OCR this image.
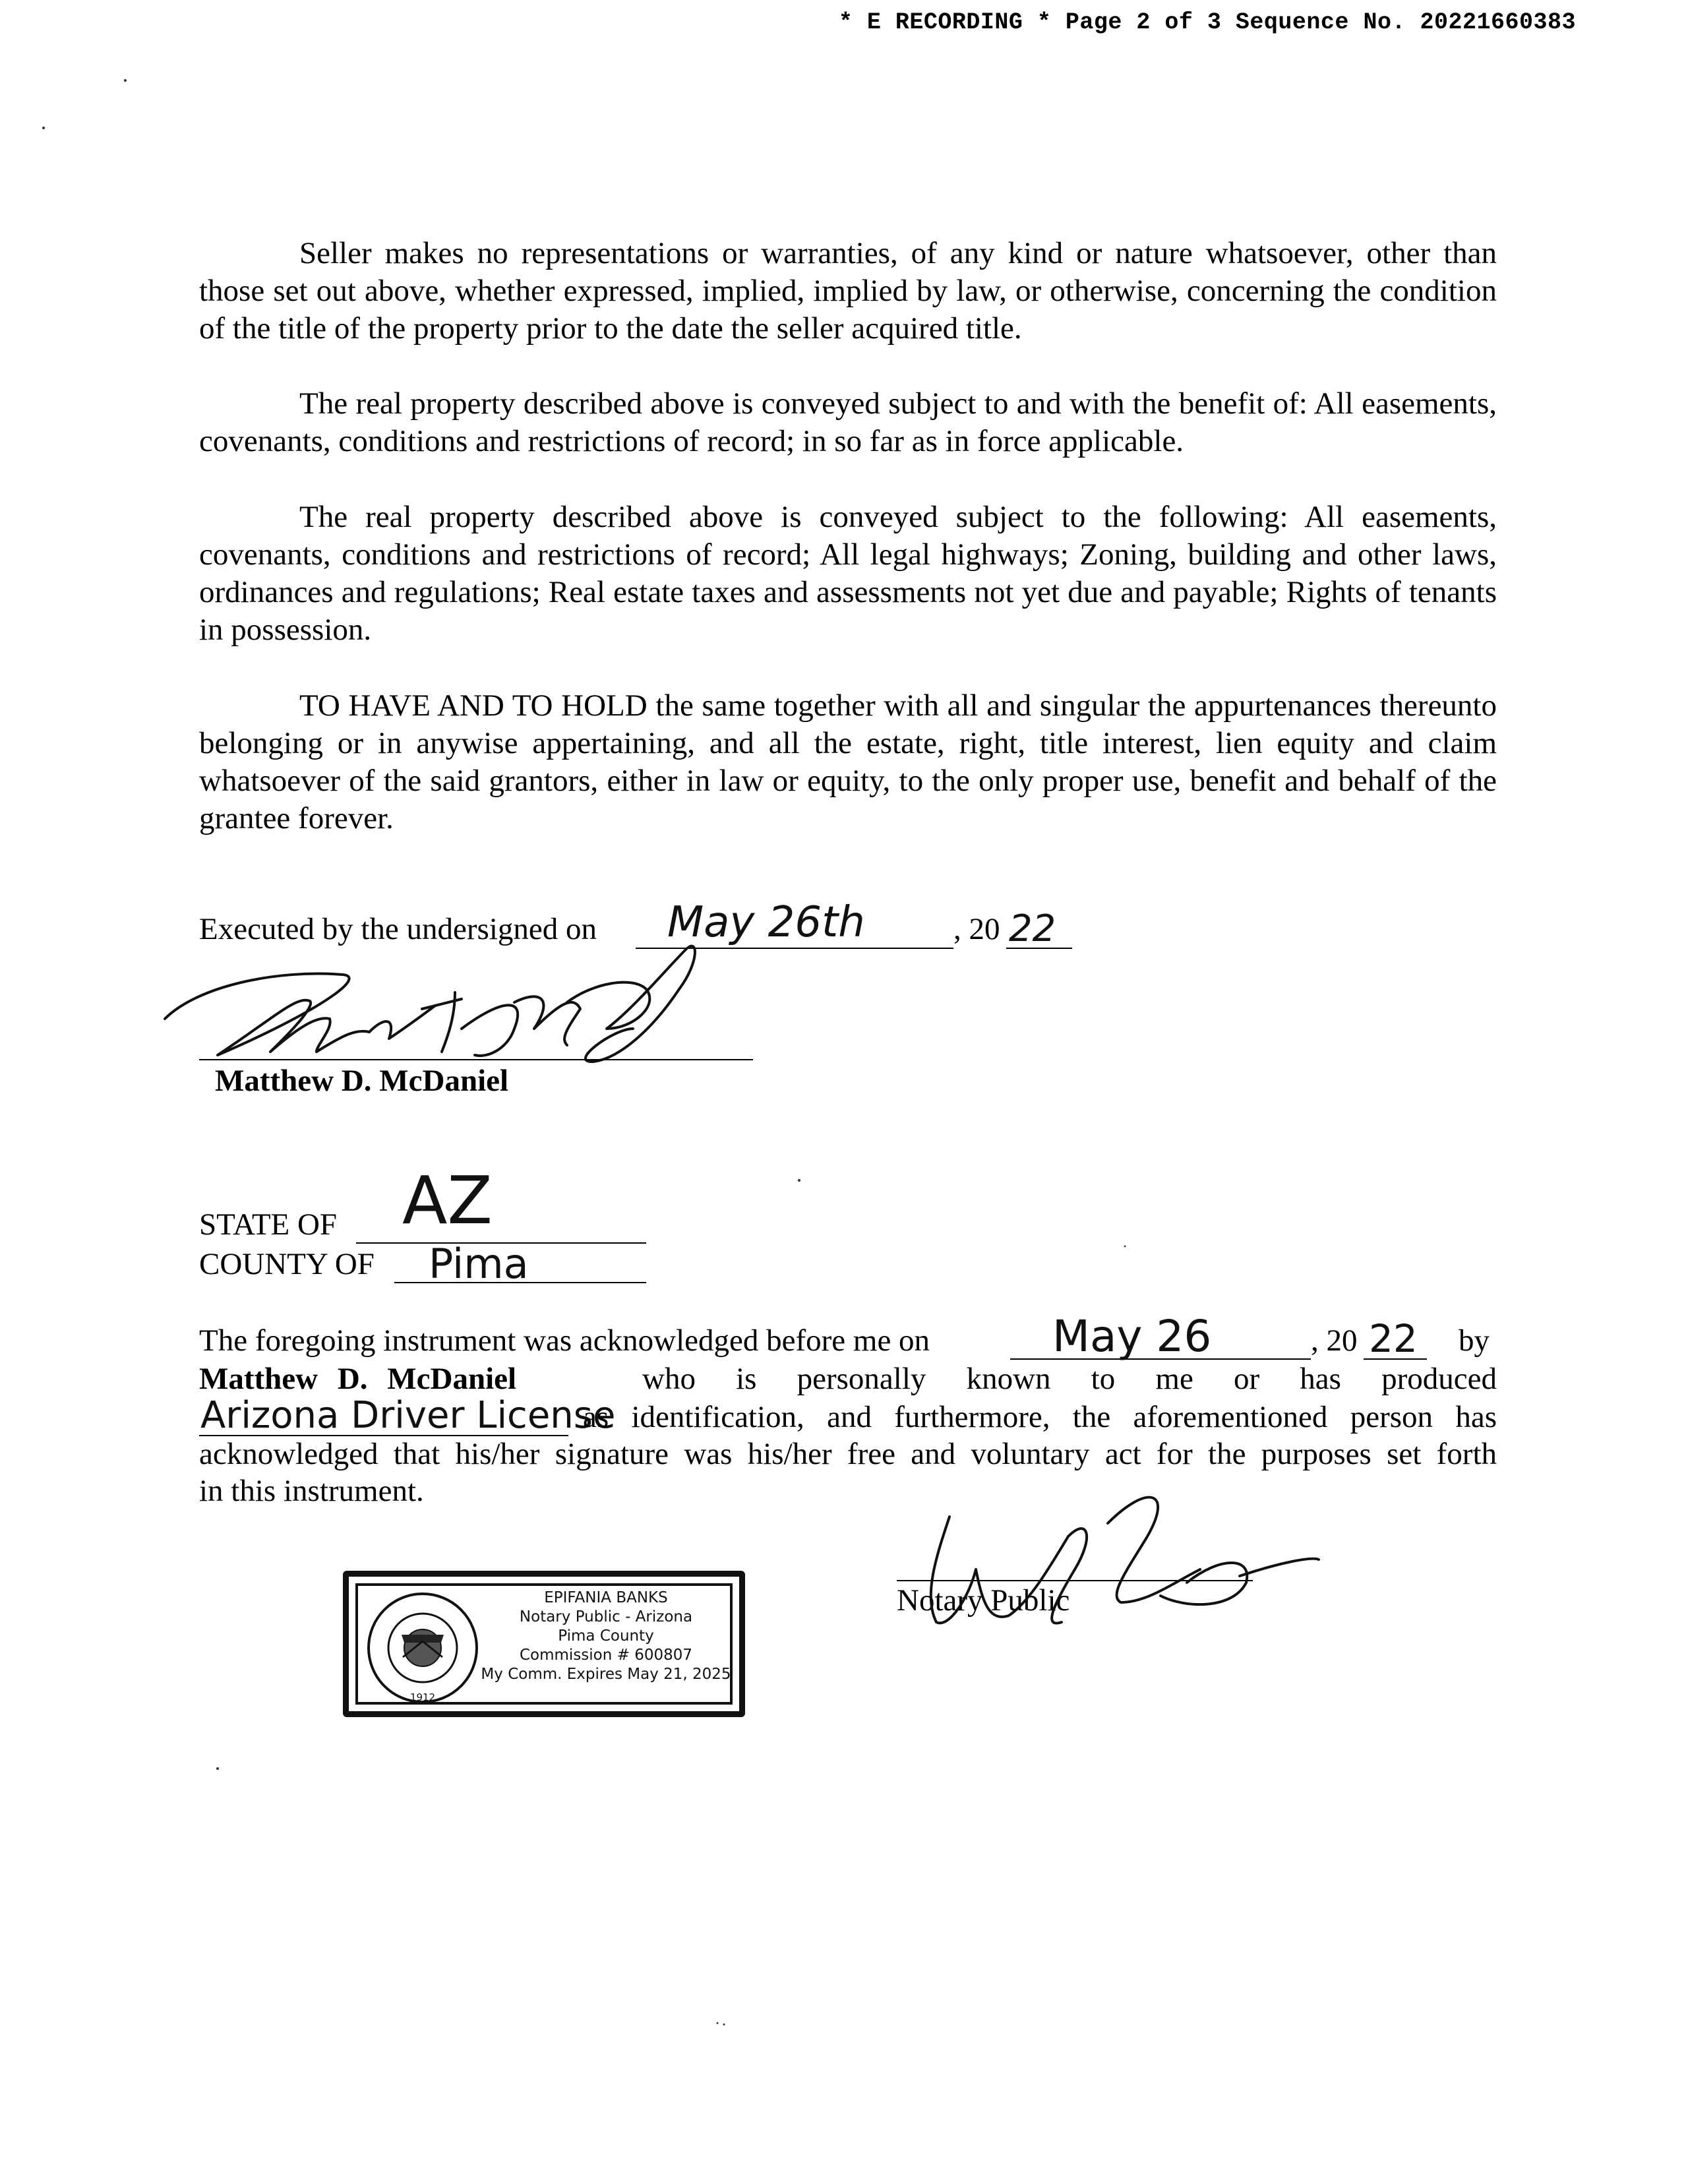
* E RECORDING * Page 2 of 3 Sequence No. 20221660383

Seller makes no representations or warranties, of any kind or nature whatsoever, other than those set out above, whether expressed, implied, implied by law, or otherwise, concerning the condition of the title of the property prior to the date the seller acquired title.

The real property described above is conveyed subject to and with the benefit of: All easements, covenants, conditions and restrictions of record; in so far as in force applicable.

The real property described above is conveyed subject to the following: All easements, covenants, conditions and restrictions of record; All legal highways; Zoning, building and other laws, ordinances and regulations; Real estate taxes and assessments not yet due and payable; Rights of tenants in possession.

TO HAVE AND TO HOLD the same together with all and singular the appurtenances thereunto belonging or in anywise appertaining, and all the estate, right, title interest, lien equity and claim whatsoever of the said grantors, either in law or equity, to the only proper use, benefit and behalf of the grantee forever.

Executed by the undersigned on May 26th	, 20 22
Matthew D. McDaniel
STATE OF AZ
COUNTY OF Pima
The foregoing instrument was acknowledged before me on	May 26	, 20 22 by
Matthew D. McDaniel	who is personally known to me or has produced
Arizona Driver License
as identification, and furthermore, the aforementioned person has
acknowledged that his/her signature was his/her free and voluntary act for the purposes set forth
in this instrument.
1912
EPIFANIA BANKS
Notary Public - Arizona
Pima County
Commission # 600807
My Comm. Expires May 21, 2025
Notary Public
